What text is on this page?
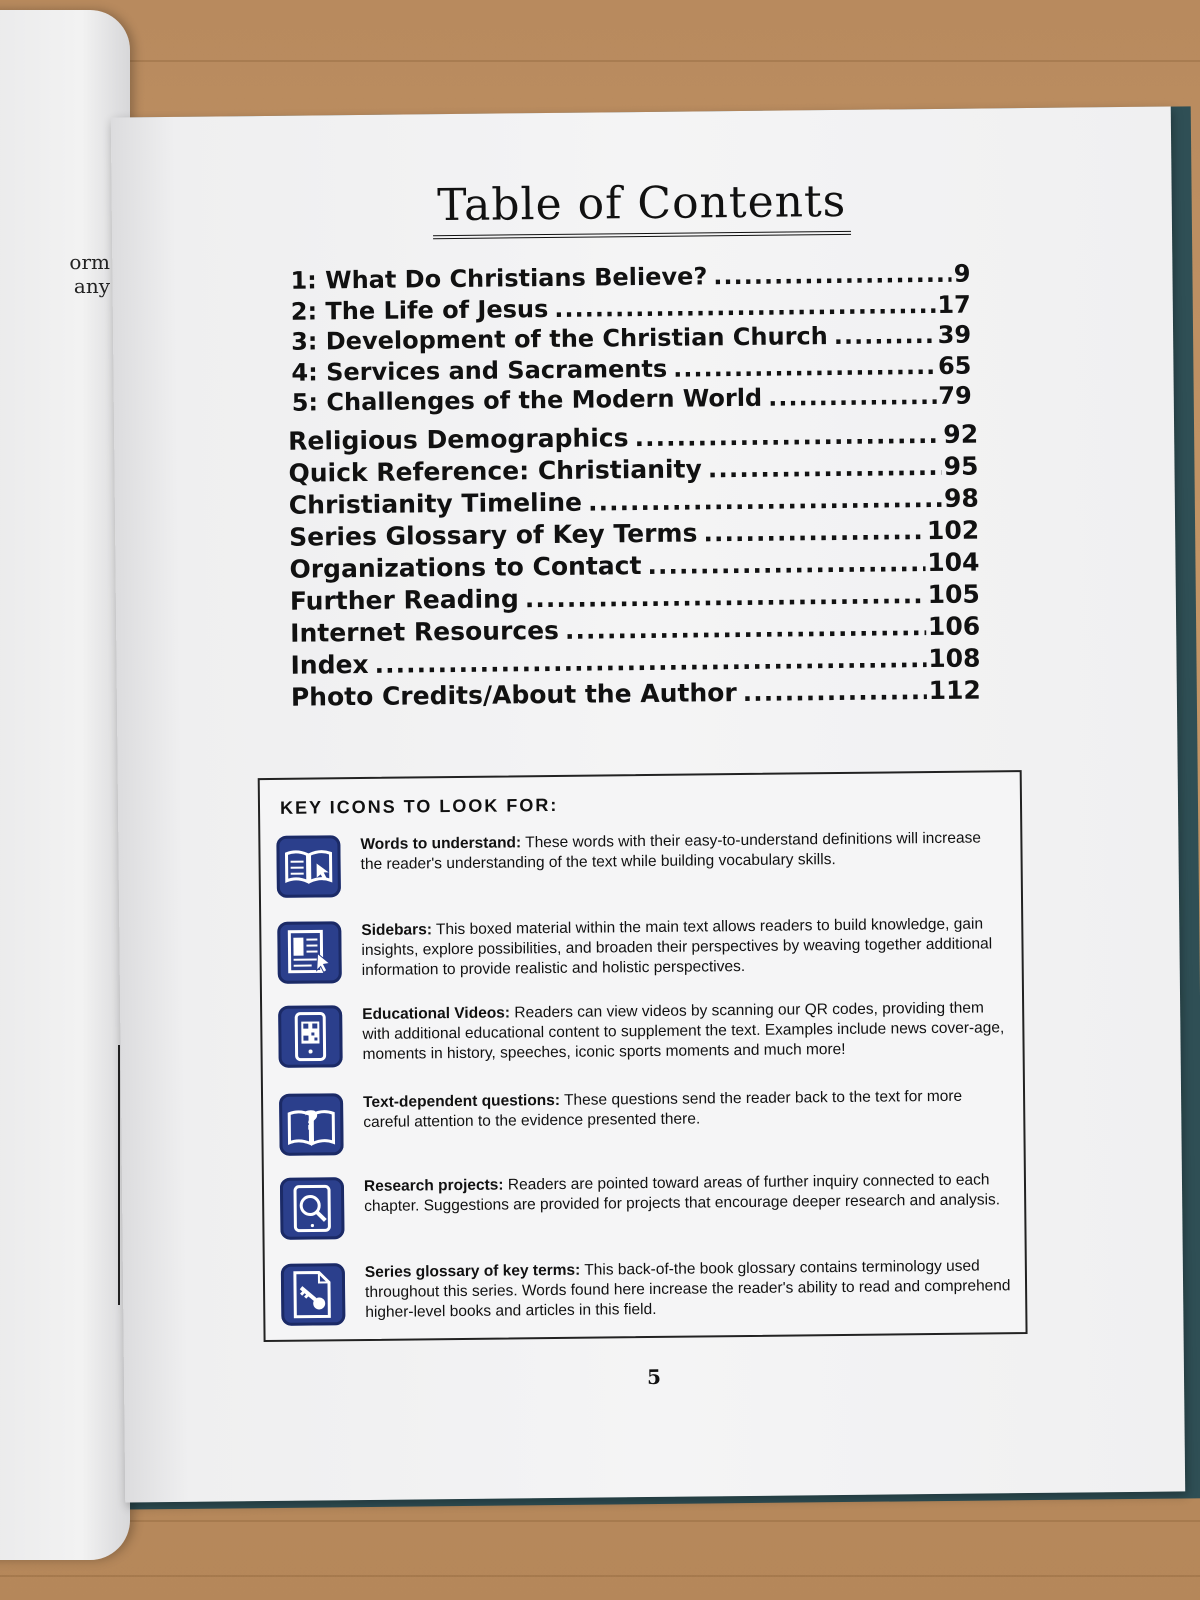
orm
any
Table of Contents
1: What Do Christians Believe? .....	9
2: The Life of Jesus .....	17
3: Development of the Christian Church .....	39
4: Services and Sacraments .....	65
5: Challenges of the Modern World .....	79
Religious Demographics .....	92
Quick Reference: Christianity .....	95
Christianity Timeline .....	98
Series Glossary of Key Terms .....	102
Organizations to Contact .....	104
Further Reading .....	105
Internet Resources .....	106
Index .....	108
Photo Credits/About the Author .....	112
KEY ICONS TO LOOK FOR:
Words to understand: These words with their easy-to-understand definitions will increase the reader's understanding of the text while building vocabulary skills.
Sidebars: This boxed material within the main text allows readers to build knowledge, gain insights, explore possibilities, and broaden their perspectives by weaving together additional information to provide realistic and holistic perspectives.
Educational Videos: Readers can view videos by scanning our QR codes, providing them with additional educational content to supplement the text. Examples include news cover-age, moments in history, speeches, iconic sports moments and much more!
?
Text-dependent questions: These questions send the reader back to the text for more careful attention to the evidence presented there.
Research projects: Readers are pointed toward areas of further inquiry connected to each chapter. Suggestions are provided for projects that encourage deeper research and analysis.
Series glossary of key terms: This back-of-the book glossary contains terminology used throughout this series. Words found here increase the reader's ability to read and comprehend higher-level books and articles in this field.
5
